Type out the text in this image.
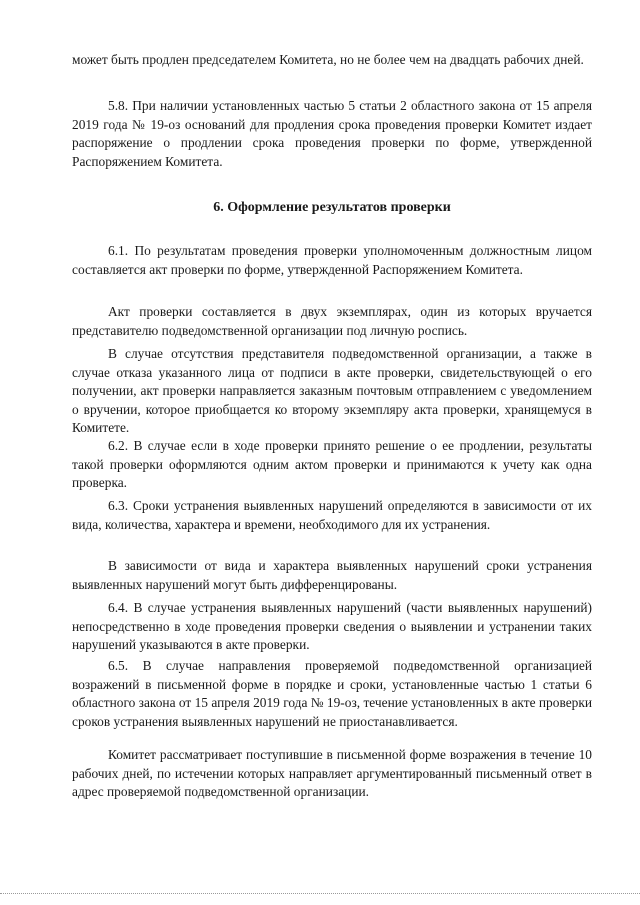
может быть продлен председателем Комитета, но не более чем на двадцать рабочих дней.

5.8. При наличии установленных частью 5 статьи 2 областного закона от 15 апреля 2019 года № 19-оз оснований для продления срока проведения проверки Комитет издает распоряжение о продлении срока проведения проверки по форме, утвержденной Распоряжением Комитета.

6. Оформление результатов проверки

6.1. По результатам проведения проверки уполномоченным должностным лицом составляется акт проверки по форме, утвержденной Распоряжением Комитета.

Акт проверки составляется в двух экземплярах, один из которых вручается представителю подведомственной организации под личную роспись.

В случае отсутствия представителя подведомственной организации, а также в случае отказа указанного лица от подписи в акте проверки, свидетельствующей о его получении, акт проверки направляется заказным почтовым отправлением с уведомлением о вручении, которое приобщается ко второму экземпляру акта проверки, хранящемуся в Комитете.

6.2. В случае если в ходе проверки принято решение о ее продлении, результаты такой проверки оформляются одним актом проверки и принимаются к учету как одна проверка.

6.3. Сроки устранения выявленных нарушений определяются в зависимости от их вида, количества, характера и времени, необходимого для их устранения.

В зависимости от вида и характера выявленных нарушений сроки устранения выявленных нарушений могут быть дифференцированы.

6.4. В случае устранения выявленных нарушений (части выявленных нарушений) непосредственно в ходе проведения проверки сведения о выявлении и устранении таких нарушений указываются в акте проверки.

6.5. В случае направления проверяемой подведомственной организацией возражений в письменной форме в порядке и сроки, установленные частью 1 статьи 6 областного закона от 15 апреля 2019 года № 19-оз, течение установленных в акте проверки сроков устранения выявленных нарушений не приостанавливается.

Комитет рассматривает поступившие в письменной форме возражения в течение 10 рабочих дней, по истечении которых направляет аргументированный письменный ответ в адрес проверяемой подведомственной организации.
